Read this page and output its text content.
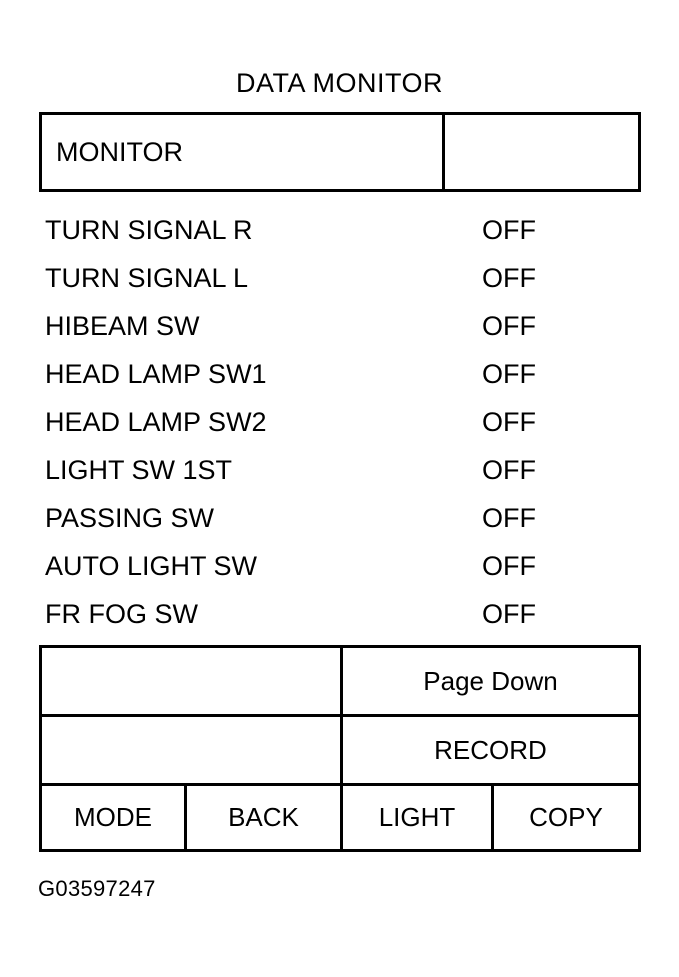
DATA MONITOR
MONITOR
TURN SIGNAL R	OFF
TURN SIGNAL L	OFF
HIBEAM SW	OFF
HEAD LAMP SW1	OFF
HEAD LAMP SW2	OFF
LIGHT SW 1ST	OFF
PASSING SW	OFF
AUTO LIGHT SW	OFF
FR FOG SW	OFF
Page Down
RECORD
MODE	BACK	LIGHT	COPY
G03597247
